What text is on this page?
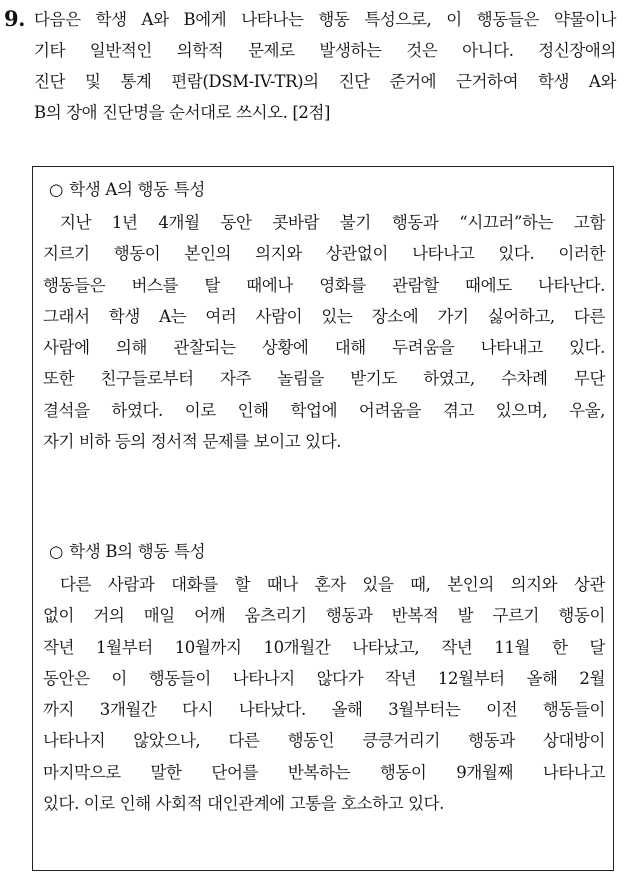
9. 다음은 학생 A와 B에게 나타나는 행동 특성으로, 이 행동들은 약물이나
기타 일반적인 의학적 문제로 발생하는 것은 아니다. 정신장애의
진단 및 통계 편람(DSM-IV-TR)의 진단 준거에 근거하여 학생 A와
B의 장애 진단명을 순서대로 쓰시오. [2점]
○ 학생 A의 행동 특성
지난 1년 4개월 동안 콧바람 불기 행동과 “시끄러”하는 고함
지르기 행동이 본인의 의지와 상관없이 나타나고 있다. 이러한
행동들은 버스를 탈 때에나 영화를 관람할 때에도 나타난다.
그래서 학생 A는 여러 사람이 있는 장소에 가기 싫어하고, 다른
사람에 의해 관찰되는 상황에 대해 두려움을 나타내고 있다.
또한 친구들로부터 자주 놀림을 받기도 하였고, 수차례 무단
결석을 하였다. 이로 인해 학업에 어려움을 겪고 있으며, 우울,
자기 비하 등의 정서적 문제를 보이고 있다.
○ 학생 B의 행동 특성
다른 사람과 대화를 할 때나 혼자 있을 때, 본인의 의지와 상관
없이 거의 매일 어깨 움츠리기 행동과 반복적 발 구르기 행동이
작년 1월부터 10월까지 10개월간 나타났고, 작년 11월 한 달
동안은 이 행동들이 나타나지 않다가 작년 12월부터 올해 2월
까지 3개월간 다시 나타났다. 올해 3월부터는 이전 행동들이
나타나지 않았으나, 다른 행동인 킁킁거리기 행동과 상대방이
마지막으로 말한 단어를 반복하는 행동이 9개월째 나타나고
있다. 이로 인해 사회적 대인관계에 고통을 호소하고 있다.
